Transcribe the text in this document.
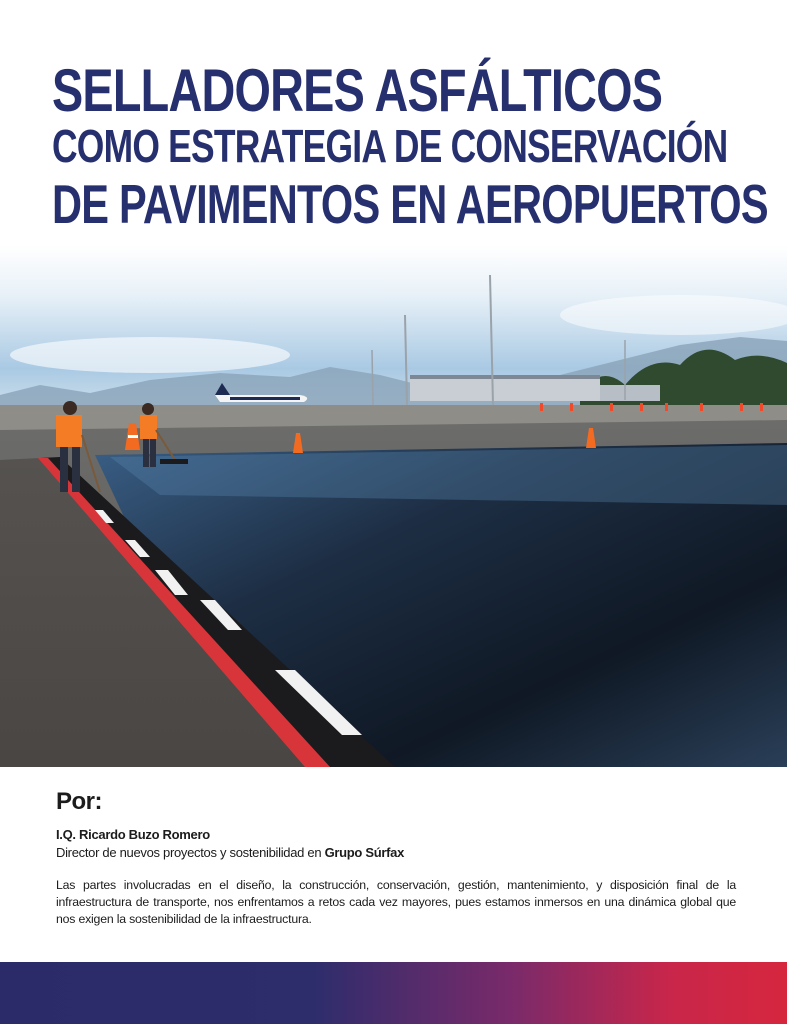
SELLADORES ASFÁLTICOS
COMO ESTRATEGIA DE CONSERVACIÓN
DE PAVIMENTOS EN AEROPUERTOS
Por:
I.Q. Ricardo Buzo Romero
Director de nuevos proyectos y sostenibilidad en Grupo Súrfax
Las partes involucradas en el diseño, la construcción, conservación, gestión, mantenimiento, y disposición final de la infraestructura de transporte, nos enfrentamos a retos cada vez mayores, pues estamos inmersos en una dinámica global que nos exigen la sostenibilidad de la infraestructura.
